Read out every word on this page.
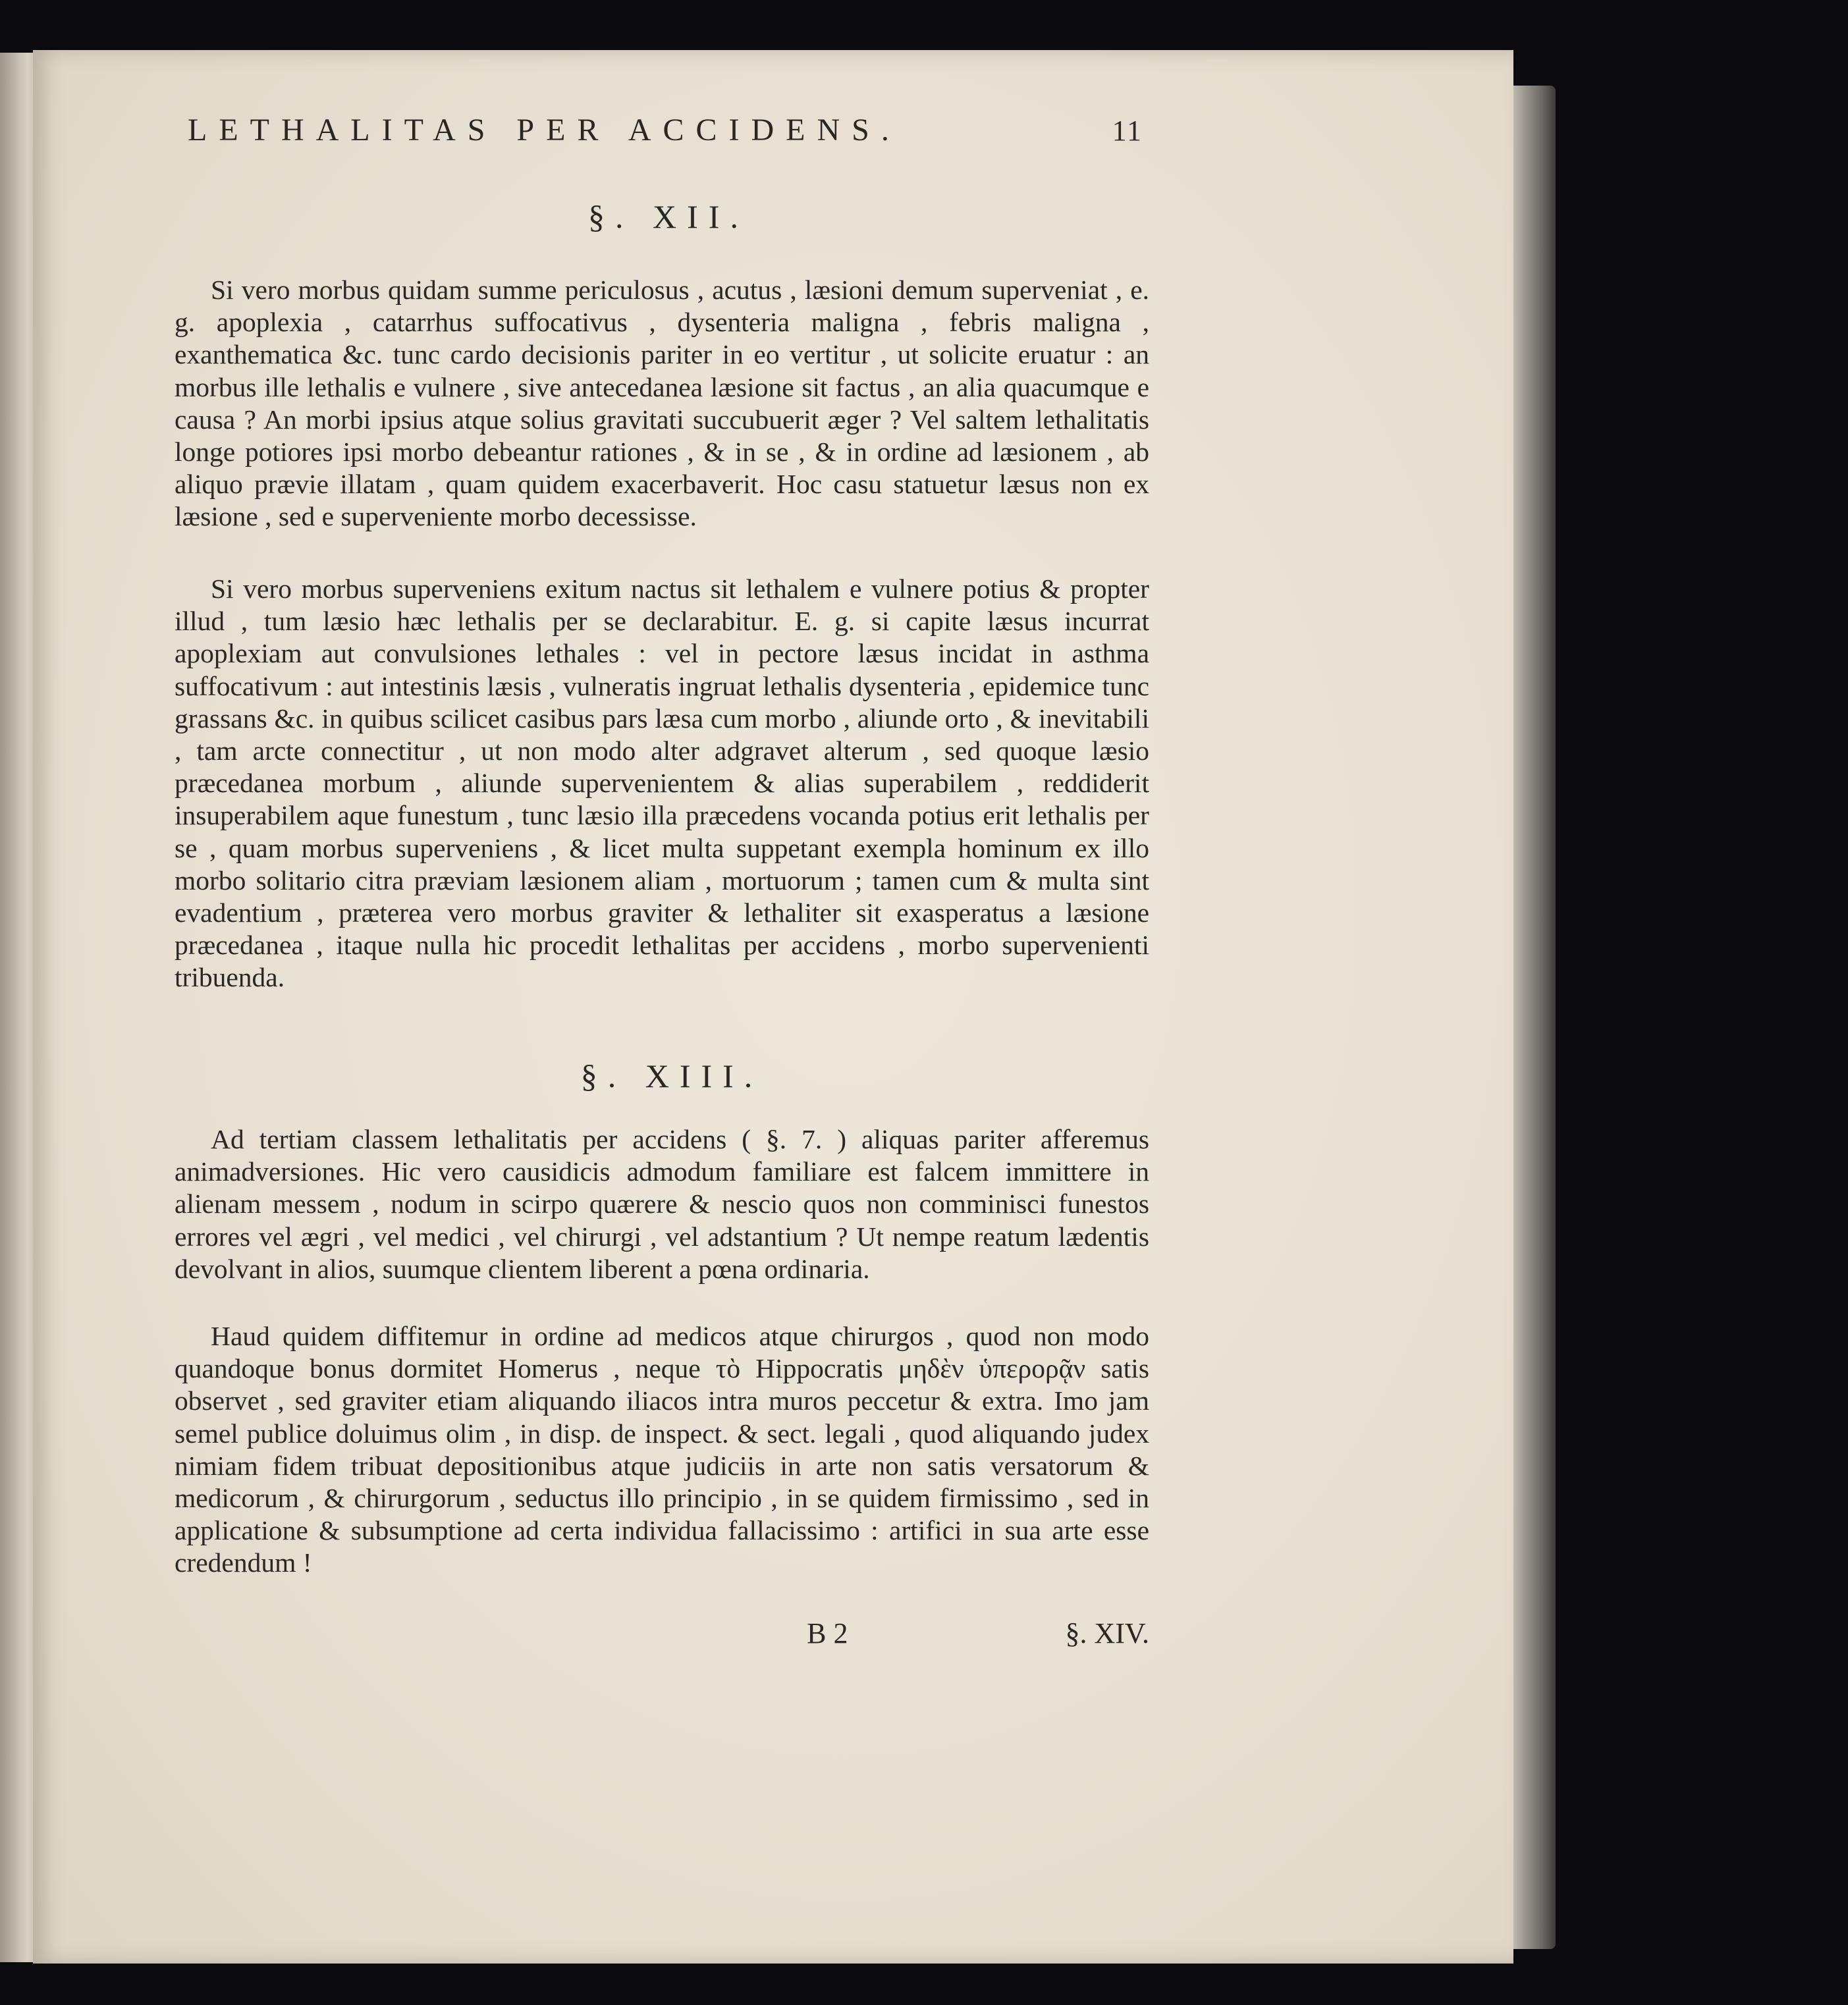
LETHALITAS PER ACCIDENS.	11
§. XII.

Si vero morbus quidam summe periculosus , acutus , læsioni demum superveniat , e. g. apoplexia , catarrhus suffocativus , dysenteria maligna , febris maligna , exanthematica &c. tunc cardo decisionis pariter in eo vertitur , ut solicite eruatur : an morbus ille lethalis e vulnere , sive antecedanea læsione sit factus , an alia quacumque e causa ? An morbi ipsius atque solius gravitati succubuerit æger ? Vel saltem lethalitatis longe potiores ipsi morbo debeantur rationes , & in se , & in ordine ad læsionem , ab aliquo prævie illatam , quam quidem exacerbaverit. Hoc casu statuetur læsus non ex læsione , sed e superveniente morbo decessisse.

Si vero morbus superveniens exitum nactus sit lethalem e vulnere potius & propter illud , tum læsio hæc lethalis per se declarabitur. E. g. si capite læsus incurrat apoplexiam aut convulsiones lethales : vel in pectore læsus incidat in asthma suffocativum : aut intestinis læsis , vulneratis ingruat lethalis dysenteria , epidemice tunc grassans &c. in quibus scilicet casibus pars læsa cum morbo , aliunde orto , & inevitabili , tam arcte connectitur , ut non modo alter adgravet alterum , sed quoque læsio præcedanea morbum , aliunde supervenientem & alias superabilem , reddiderit insuperabilem aque funestum , tunc læsio illa præcedens vocanda potius erit lethalis per se , quam morbus superveniens , & licet multa suppetant exempla hominum ex illo morbo solitario citra præviam læsionem aliam , mortuorum ; tamen cum & multa sint evadentium , præterea vero morbus graviter & lethaliter sit exasperatus a læsione præcedanea , itaque nulla hic procedit lethalitas per accidens , morbo supervenienti tribuenda.

§. XIII.

Ad tertiam classem lethalitatis per accidens ( §. 7. ) aliquas pariter afferemus animadversiones. Hic vero causidicis admodum familiare est falcem immittere in alienam messem , nodum in scirpo quærere & nescio quos non comminisci funestos errores vel ægri , vel medici , vel chirurgi , vel adstantium ? Ut nempe reatum lædentis devolvant in alios, suumque clientem liberent a pœna ordinaria.

Haud quidem diffitemur in ordine ad medicos atque chirurgos , quod non modo quandoque bonus dormitet Homerus , neque τὸ Hippocratis μηδὲν ὑπερορᾷν satis observet , sed graviter etiam aliquando iliacos intra muros peccetur & extra. Imo jam semel publice doluimus olim , in disp. de inspect. & sect. legali , quod aliquando judex nimiam fidem tribuat depositionibus atque judiciis in arte non satis versatorum & medicorum , & chirurgorum , seductus illo principio , in se quidem firmissimo , sed in applicatione & subsumptione ad certa individua fallacissimo : artifici in sua arte esse credendum !

B 2	§. XIV.
